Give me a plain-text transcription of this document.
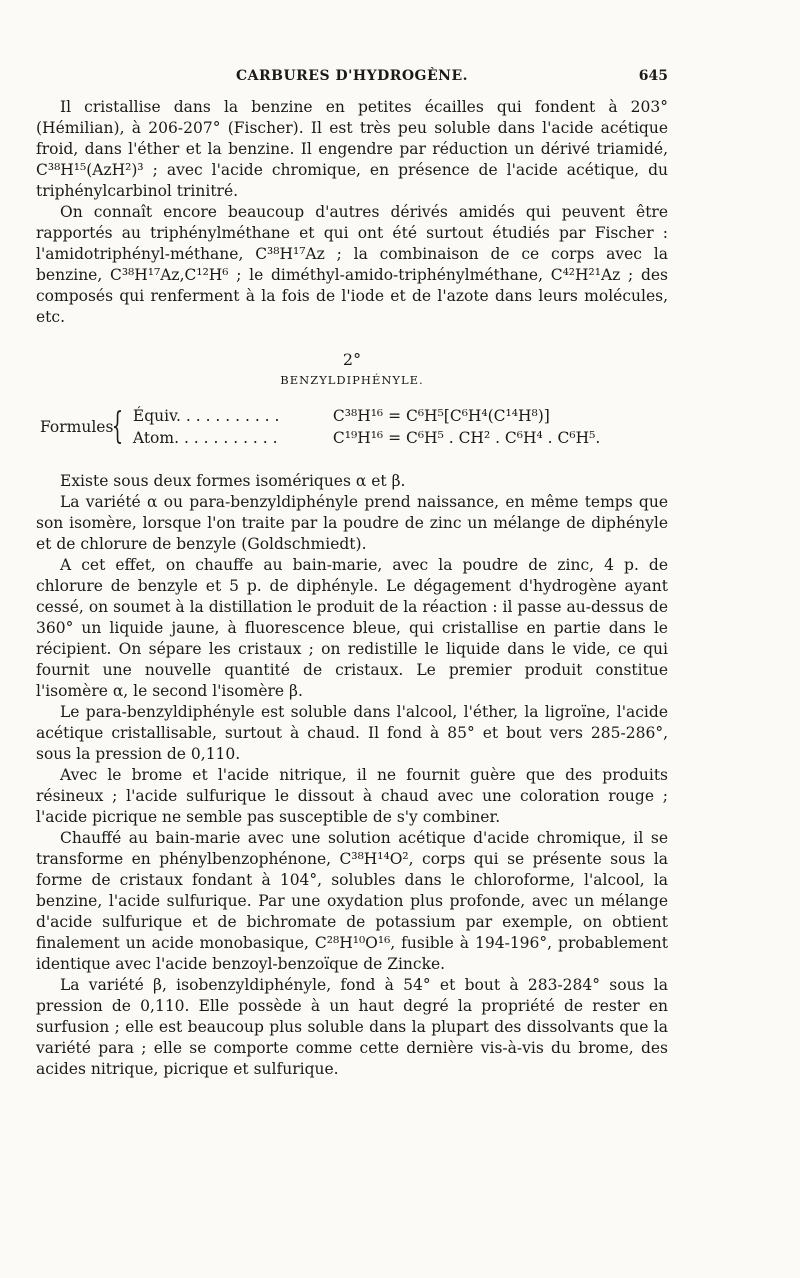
CARBURES D'HYDROGÈNE.	645

Il cristallise dans la benzine en petites écailles qui fondent à 203° (Hémilian), à 206-207° (Fischer). Il est très peu soluble dans l'acide acétique froid, dans l'éther et la benzine. Il engendre par réduction un dérivé triamidé, C³⁸H¹⁵(AzH²)³ ; avec l'acide chromique, en présence de l'acide acétique, du triphénylcarbinol trinitré.

On connaît encore beaucoup d'autres dérivés amidés qui peuvent être rapportés au triphénylméthane et qui ont été surtout étudiés par Fischer : l'amidotriphényl-méthane, C³⁸H¹⁷Az ; la combinaison de ce corps avec la benzine, C³⁸H¹⁷Az,C¹²H⁶ ; le diméthyl-amido-triphénylméthane, C⁴²H²¹Az ; des composés qui renferment à la fois de l'iode et de l'azote dans leurs molécules, etc.

2°
BENZYLDIPHÉNYLE.
Formules
{ Équiv. . . . . . . . . . .	C³⁸H¹⁶ = C⁶H⁵[C⁶H⁴(C¹⁴H⁸)]
Atom. . . . . . . . . . .	C¹⁹H¹⁶ = C⁶H⁵ . CH² . C⁶H⁴ . C⁶H⁵.

Existe sous deux formes isomériques α et β.

La variété α ou para-benzyldiphényle prend naissance, en même temps que son isomère, lorsque l'on traite par la poudre de zinc un mélange de diphényle et de chlorure de benzyle (Goldschmiedt).

A cet effet, on chauffe au bain-marie, avec la poudre de zinc, 4 p. de chlorure de benzyle et 5 p. de diphényle. Le dégagement d'hydrogène ayant cessé, on soumet à la distillation le produit de la réaction : il passe au-dessus de 360° un liquide jaune, à fluorescence bleue, qui cristallise en partie dans le récipient. On sépare les cristaux ; on redistille le liquide dans le vide, ce qui fournit une nouvelle quantité de cristaux. Le premier produit constitue l'isomère α, le second l'isomère β.

Le para-benzyldiphényle est soluble dans l'alcool, l'éther, la ligroïne, l'acide acétique cristallisable, surtout à chaud. Il fond à 85° et bout vers 285-286°, sous la pression de 0,110.

Avec le brome et l'acide nitrique, il ne fournit guère que des produits résineux ; l'acide sulfurique le dissout à chaud avec une coloration rouge ; l'acide picrique ne semble pas susceptible de s'y combiner.

Chauffé au bain-marie avec une solution acétique d'acide chromique, il se transforme en phénylbenzophénone, C³⁸H¹⁴O², corps qui se présente sous la forme de cristaux fondant à 104°, solubles dans le chloroforme, l'alcool, la benzine, l'acide sulfurique. Par une oxydation plus profonde, avec un mélange d'acide sulfurique et de bichromate de potassium par exemple, on obtient finalement un acide monobasique, C²⁸H¹⁰O¹⁶, fusible à 194-196°, probablement identique avec l'acide benzoyl-benzoïque de Zincke.

La variété β, isobenzyldiphényle, fond à 54° et bout à 283-284° sous la pression de 0,110. Elle possède à un haut degré la propriété de rester en surfusion ; elle est beaucoup plus soluble dans la plupart des dissolvants que la variété para ; elle se comporte comme cette dernière vis-à-vis du brome, des acides nitrique, picrique et sulfurique.
